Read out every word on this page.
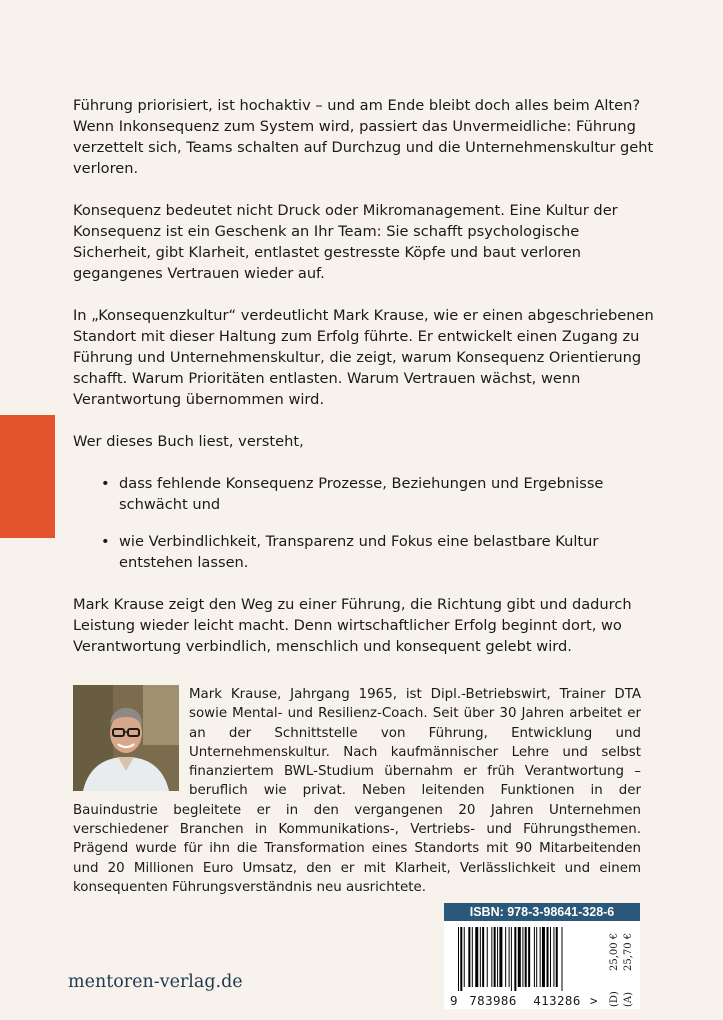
Führung priorisiert, ist hochaktiv – und am Ende bleibt doch alles beim Alten? Wenn Inkonsequenz zum System wird, passiert das Unvermeidliche: Führung verzettelt sich, Teams schalten auf Durchzug und die Unternehmenskultur geht verloren.

Konsequenz bedeutet nicht Druck oder Mikromanagement. Eine Kultur der Konsequenz ist ein Geschenk an Ihr Team: Sie schafft psychologische Sicherheit, gibt Klarheit, entlastet gestresste Köpfe und baut verloren gegangenes Vertrauen wieder auf.

In „Konsequenzkultur“ verdeutlicht Mark Krause, wie er einen abgeschriebenen Standort mit dieser Haltung zum Erfolg führte. Er entwickelt einen Zugang zu Führung und Unternehmenskultur, die zeigt, warum Konsequenz Orientierung schafft. Warum Prioritäten entlasten. Warum Vertrauen wächst, wenn Verantwortung übernommen wird.

Wer dieses Buch liest, versteht,

• dass fehlende Konsequenz Prozesse, Beziehungen und Ergebnisse schwächt und
• wie Verbindlichkeit, Transparenz und Fokus eine belastbare Kultur entstehen lassen.

Mark Krause zeigt den Weg zu einer Führung, die Richtung gibt und dadurch Leistung wieder leicht macht. Denn wirtschaftlicher Erfolg beginnt dort, wo Verantwortung verbindlich, menschlich und konsequent gelebt wird.

Mark Krause, Jahrgang 1965, ist Dipl.-Betriebswirt, Trainer DTA sowie Mental- und Resilienz-Coach. Seit über 30 Jahren arbeitet er an der Schnittstelle von Führung, Entwicklung und Unternehmenskultur. Nach kaufmännischer Lehre und selbst finanziertem BWL-Studium übernahm er früh Verantwortung – beruflich wie privat. Neben leitenden Funktionen in der Bauindustrie begleitete er in den vergangenen 20 Jahren Unternehmen verschiedener Branchen in Kommunikations-, Vertriebs- und Führungsthemen. Prägend wurde für ihn die Transformation eines Standorts mit 90 Mitarbeitenden und 20 Millionen Euro Umsatz, den er mit Klarheit, Verlässlichkeit und einem konsequenten Führungsverständnis neu ausrichtete.

mentoren-verlag.de
ISBN: 978-3-98641-328-6
9 783986	413286 > (D)
25,00 €
(A)
25,70 €
